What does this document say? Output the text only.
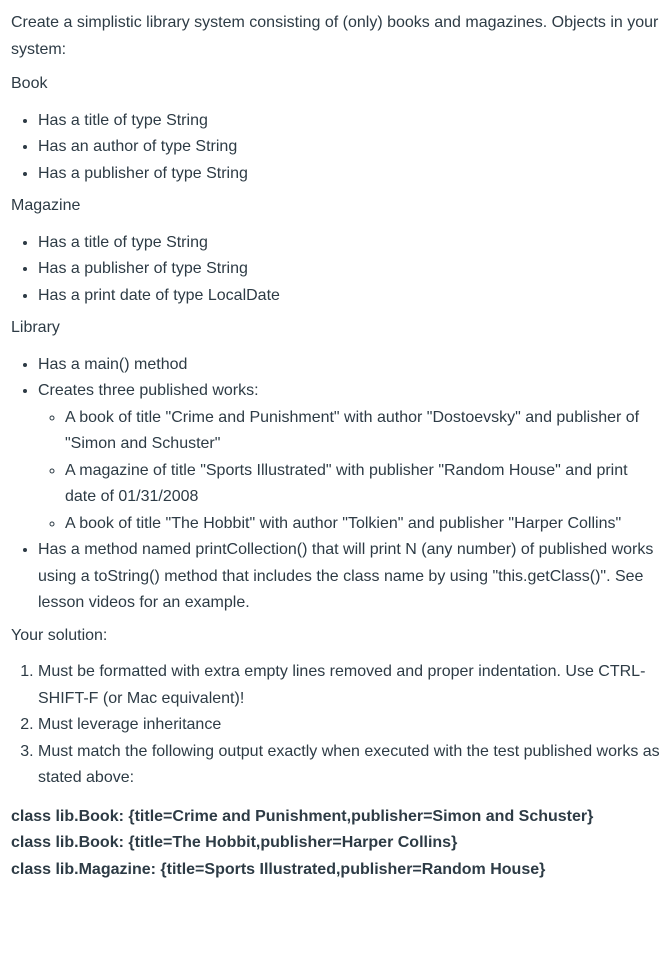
Create a simplistic library system consisting of (only) books and magazines. Objects in your system:

Book

• Has a title of type String
• Has an author of type String
• Has a publisher of type String

Magazine

• Has a title of type String
• Has a publisher of type String
• Has a print date of type LocalDate

Library

• Has a main() method
• Creates three published works:
◦ A book of title "Crime and Punishment" with author "Dostoevsky" and publisher of "Simon and Schuster"
◦ A magazine of title "Sports Illustrated" with publisher "Random House" and print date of 01/31/2008
◦ A book of title "The Hobbit" with author "Tolkien" and publisher "Harper Collins"
• Has a method named printCollection() that will print N (any number) of published works using a toString() method that includes the class name by using "this.getClass()". See lesson videos for an example.

Your solution:

1. Must be formatted with extra empty lines removed and proper indentation. Use CTRL-SHIFT-F (or Mac equivalent)!
2. Must leverage inheritance
3. Must match the following output exactly when executed with the test published works as stated above:
class lib.Book: {title=Crime and Punishment,publisher=Simon and Schuster}
class lib.Book: {title=The Hobbit,publisher=Harper Collins}
class lib.Magazine: {title=Sports Illustrated,publisher=Random House}
